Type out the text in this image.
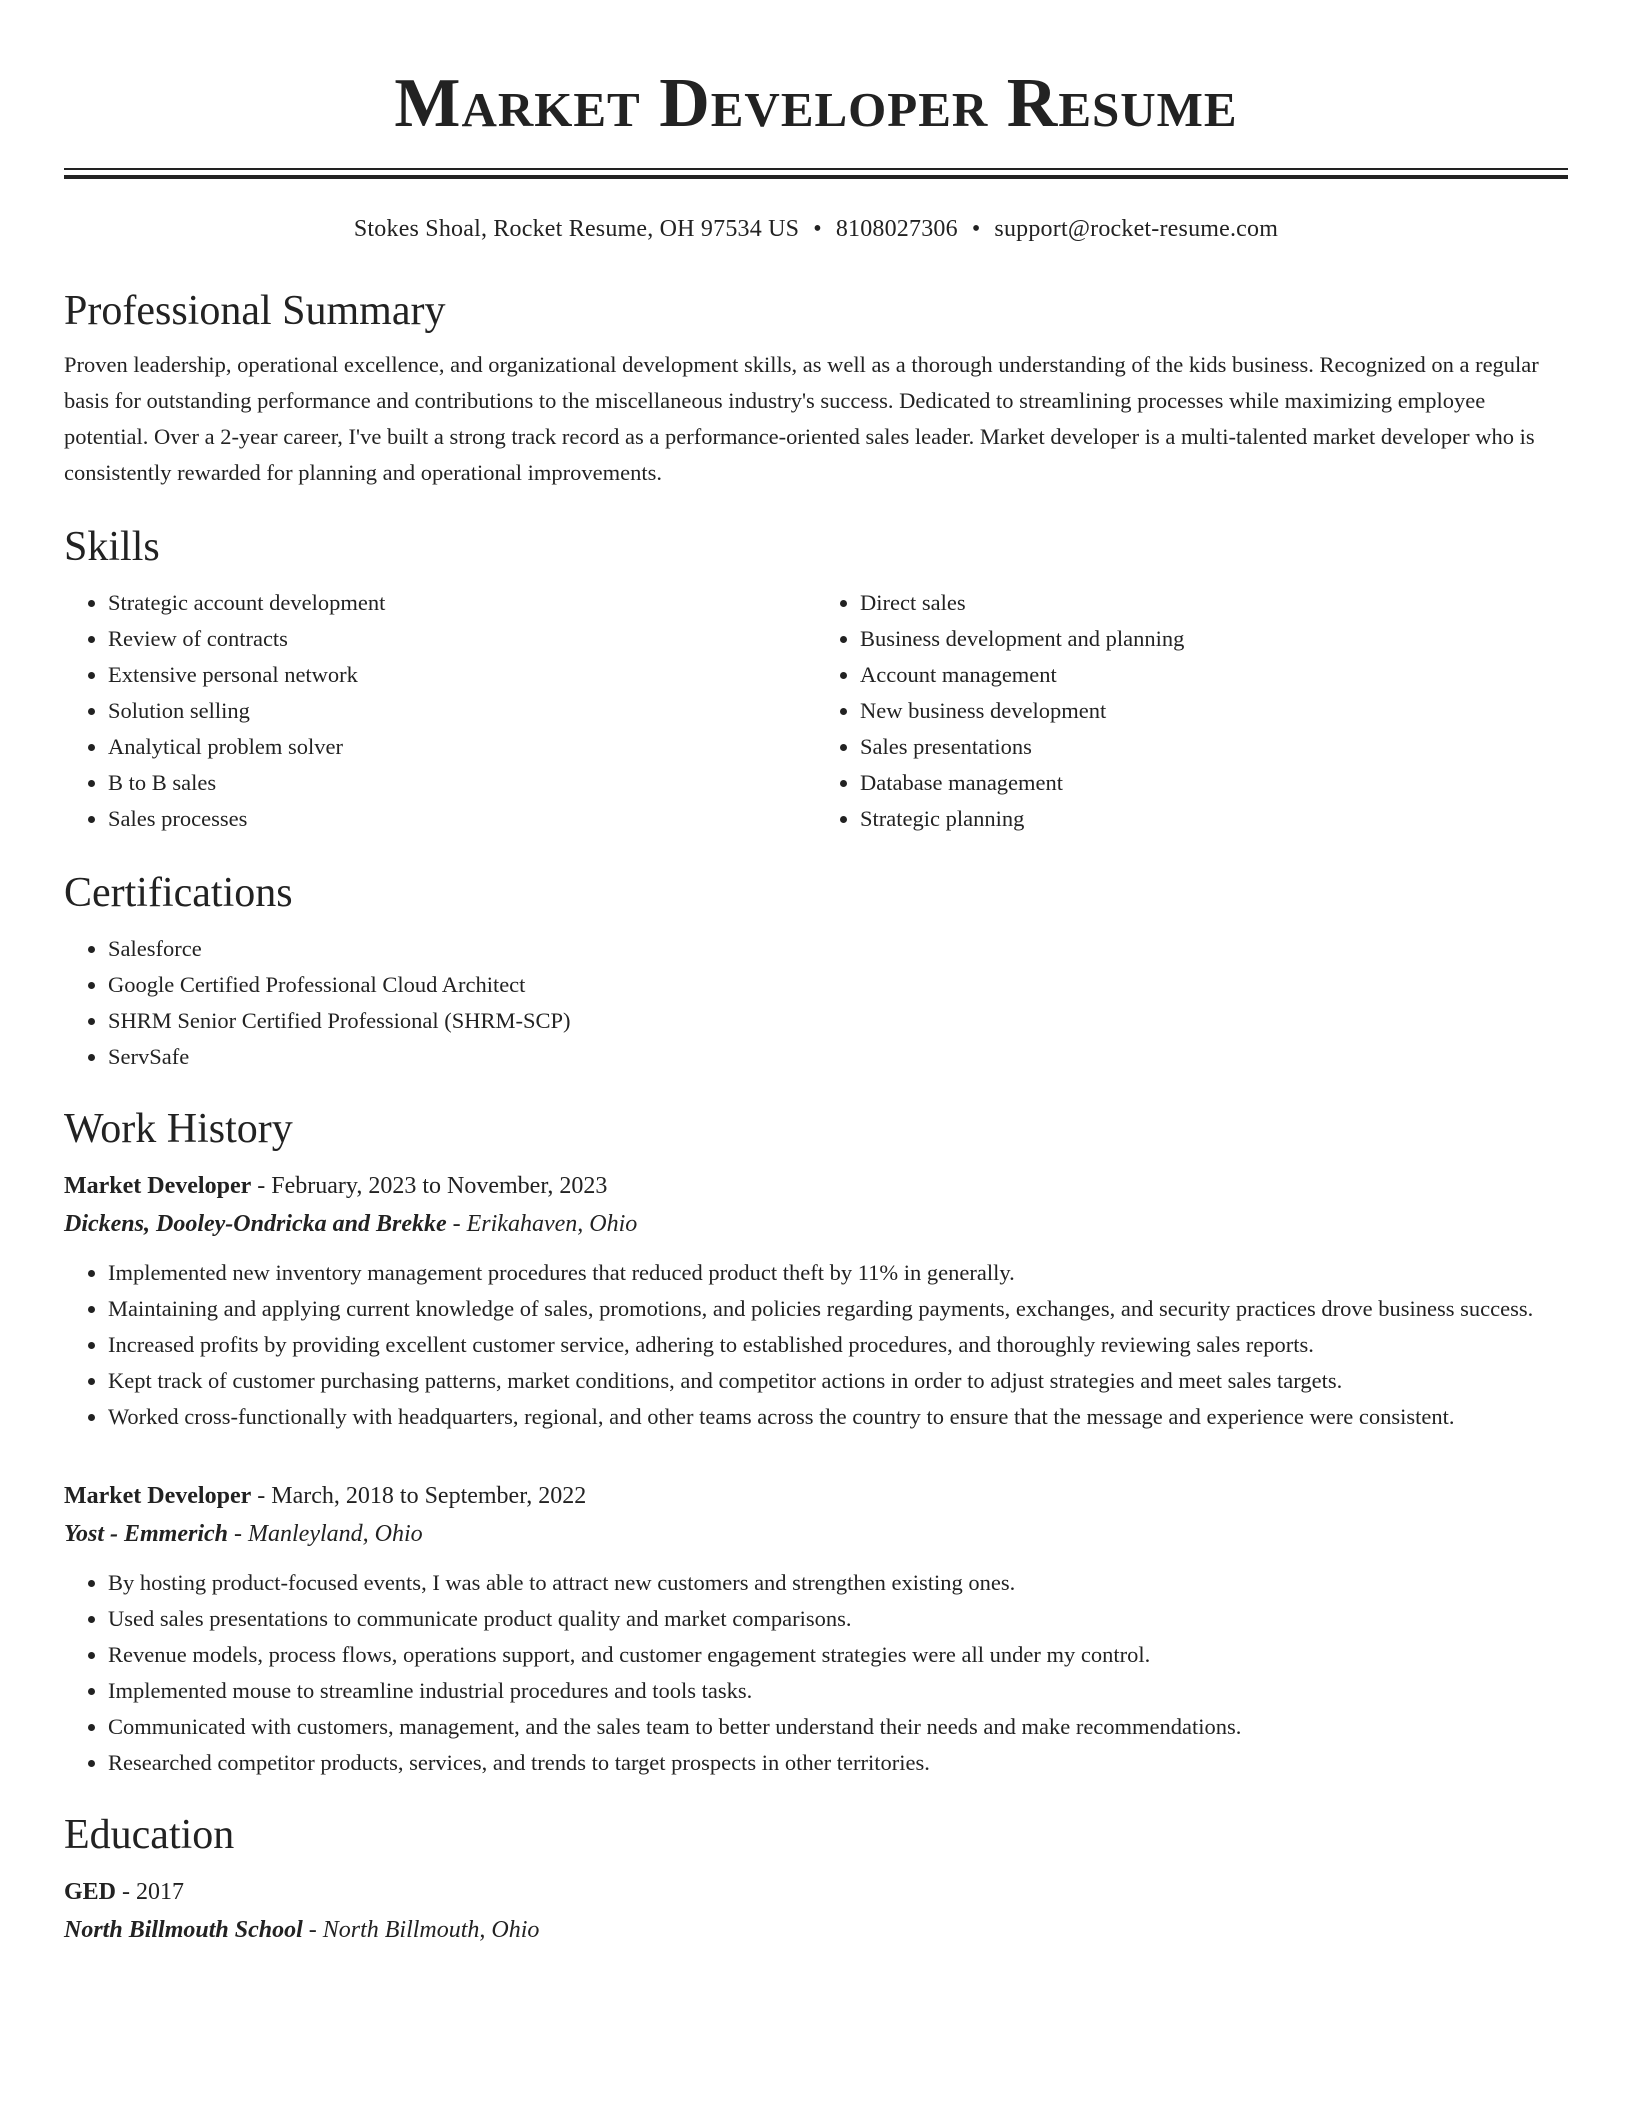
Market Developer Resume
Stokes Shoal, Rocket Resume, OH 97534 US • 8108027306 • support@rocket-resume.com
Professional Summary

Proven leadership, operational excellence, and organizational development skills, as well as a thorough understanding of the kids business. Recognized on a regular basis for outstanding performance and contributions to the miscellaneous industry's success. Dedicated to streamlining processes while maximizing employee potential. Over a 2-year career, I've built a strong track record as a performance-oriented sales leader. Market developer is a multi-talented market developer who is consistently rewarded for planning and operational improvements.

Skills
• Strategic account development
• Review of contracts
• Extensive personal network
• Solution selling
• Analytical problem solver
• B to B sales
• Sales processes
• Direct sales
• Business development and planning
• Account management
• New business development
• Sales presentations
• Database management
• Strategic planning
Certifications
• Salesforce
• Google Certified Professional Cloud Architect
• SHRM Senior Certified Professional (SHRM-SCP)
• ServSafe
Work History
Market Developer - February, 2023 to November, 2023
Dickens, Dooley-Ondricka and Brekke - Erikahaven, Ohio
• Implemented new inventory management procedures that reduced product theft by 11% in generally.
• Maintaining and applying current knowledge of sales, promotions, and policies regarding payments, exchanges, and security practices drove business success.
• Increased profits by providing excellent customer service, adhering to established procedures, and thoroughly reviewing sales reports.
• Kept track of customer purchasing patterns, market conditions, and competitor actions in order to adjust strategies and meet sales targets.
• Worked cross-functionally with headquarters, regional, and other teams across the country to ensure that the message and experience were consistent.
Market Developer - March, 2018 to September, 2022
Yost - Emmerich - Manleyland, Ohio
• By hosting product-focused events, I was able to attract new customers and strengthen existing ones.
• Used sales presentations to communicate product quality and market comparisons.
• Revenue models, process flows, operations support, and customer engagement strategies were all under my control.
• Implemented mouse to streamline industrial procedures and tools tasks.
• Communicated with customers, management, and the sales team to better understand their needs and make recommendations.
• Researched competitor products, services, and trends to target prospects in other territories.
Education
GED - 2017
North Billmouth School - North Billmouth, Ohio
